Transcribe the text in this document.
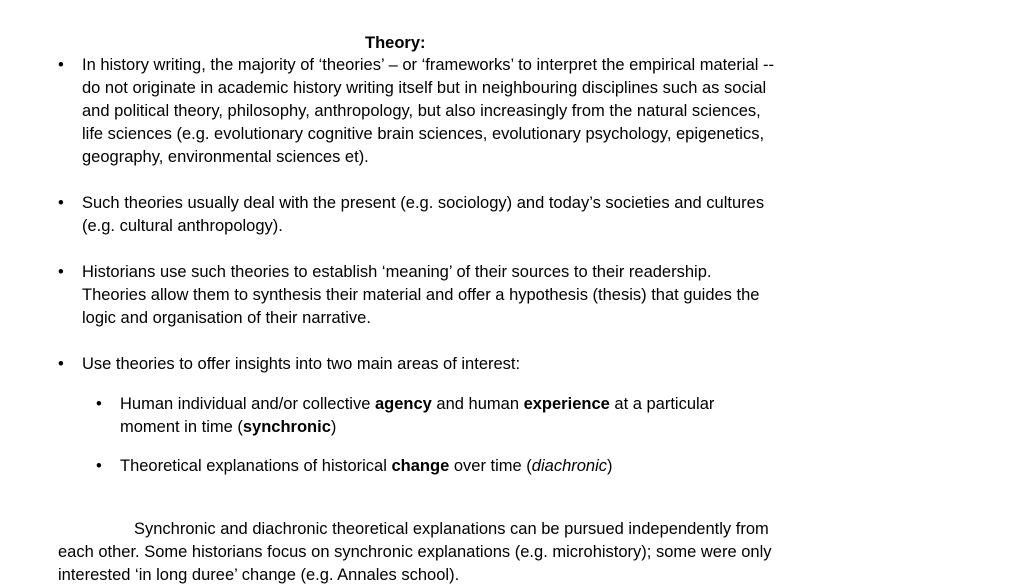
Theory:

•	In history writing, the majority of ‘theories’ – or ‘frameworks’ to interpret the empirical material -- do not originate in academic history writing itself but in neighbouring disciplines such as social and political theory, philosophy, anthropology, but also increasingly from the natural sciences, life sciences (e.g. evolutionary cognitive brain sciences, evolutionary psychology, epigenetics, geography, environmental sciences et).

•	Such theories usually deal with the present (e.g. sociology) and today’s societies and cultures (e.g. cultural anthropology).

•	Historians use such theories to establish ‘meaning’ of their sources to their readership. Theories allow them to synthesis their material and offer a hypothesis (thesis) that guides the logic and organisation of their narrative.

•	Use theories to offer insights into two main areas of interest:

• Human individual and/or collective agency and human experience at a particular moment in time (synchronic)

• Theoretical explanations of historical change over time (diachronic)

Synchronic and diachronic theoretical explanations can be pursued independently from each other. Some historians focus on synchronic explanations (e.g. microhistory); some were only interested ‘in long duree’ change (e.g. Annales school).
